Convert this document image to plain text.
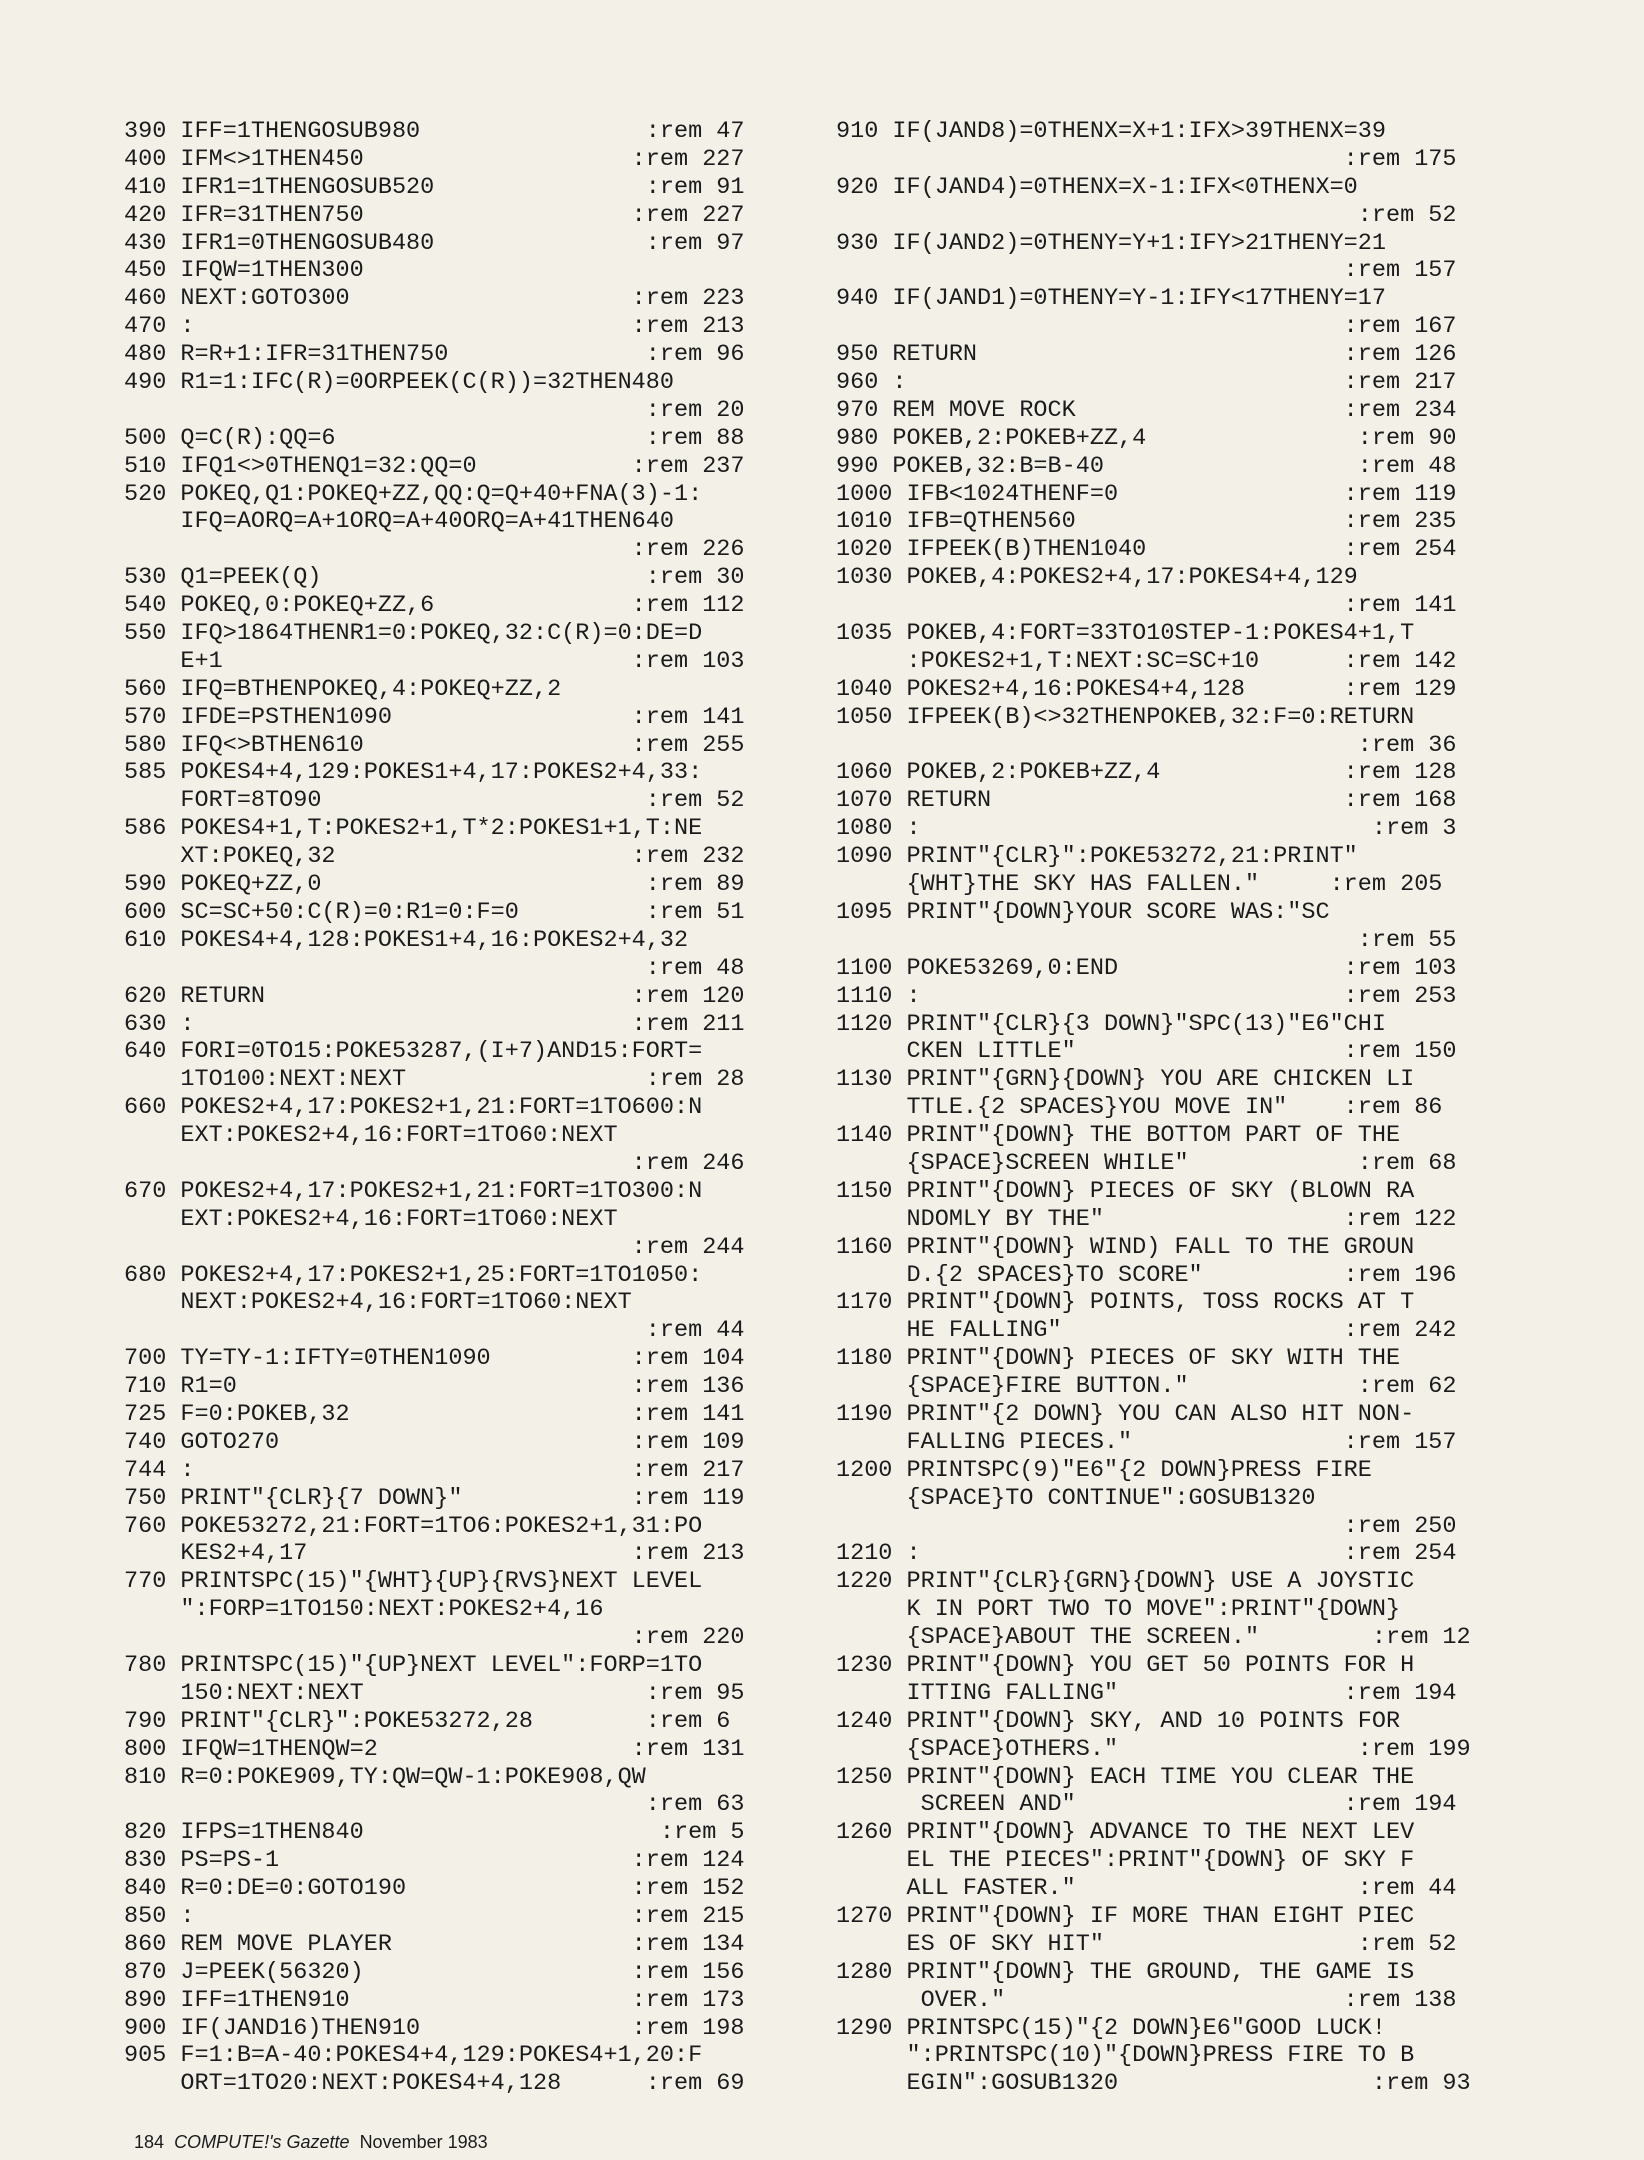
390 IFF=1THENGOSUB980                :rem 47
400 IFM<>1THEN450                   :rem 227
410 IFR1=1THENGOSUB520               :rem 91
420 IFR=31THEN750                   :rem 227
430 IFR1=0THENGOSUB480               :rem 97
450 IFQW=1THEN300
460 NEXT:GOTO300                    :rem 223
470 :                               :rem 213
480 R=R+1:IFR=31THEN750              :rem 96
490 R1=1:IFC(R)=0ORPEEK(C(R))=32THEN480
:rem 20
500 Q=C(R):QQ=6                      :rem 88
510 IFQ1<>0THENQ1=32:QQ=0           :rem 237
520 POKEQ,Q1:POKEQ+ZZ,QQ:Q=Q+40+FNA(3)-1:
IFQ=AORQ=A+1ORQ=A+40ORQ=A+41THEN640
:rem 226
530 Q1=PEEK(Q)                       :rem 30
540 POKEQ,0:POKEQ+ZZ,6              :rem 112
550 IFQ>1864THENR1=0:POKEQ,32:C(R)=0:DE=D
E+1                             :rem 103
560 IFQ=BTHENPOKEQ,4:POKEQ+ZZ,2
570 IFDE=PSTHEN1090                 :rem 141
580 IFQ<>BTHEN610                   :rem 255
585 POKES4+4,129:POKES1+4,17:POKES2+4,33:
FORT=8TO90                       :rem 52
586 POKES4+1,T:POKES2+1,T*2:POKES1+1,T:NE
XT:POKEQ,32                     :rem 232
590 POKEQ+ZZ,0                       :rem 89
600 SC=SC+50:C(R)=0:R1=0:F=0         :rem 51
610 POKES4+4,128:POKES1+4,16:POKES2+4,32
:rem 48
620 RETURN                          :rem 120
630 :                               :rem 211
640 FORI=0TO15:POKE53287,(I+7)AND15:FORT=
1TO100:NEXT:NEXT                 :rem 28
660 POKES2+4,17:POKES2+1,21:FORT=1TO600:N
EXT:POKES2+4,16:FORT=1TO60:NEXT
:rem 246
670 POKES2+4,17:POKES2+1,21:FORT=1TO300:N
EXT:POKES2+4,16:FORT=1TO60:NEXT
:rem 244
680 POKES2+4,17:POKES2+1,25:FORT=1TO1050:
NEXT:POKES2+4,16:FORT=1TO60:NEXT
:rem 44
700 TY=TY-1:IFTY=0THEN1090          :rem 104
710 R1=0                            :rem 136
725 F=0:POKEB,32                    :rem 141
740 GOTO270                         :rem 109
744 :                               :rem 217
750 PRINT"{CLR}{7 DOWN}"            :rem 119
760 POKE53272,21:FORT=1TO6:POKES2+1,31:PO
KES2+4,17                       :rem 213
770 PRINTSPC(15)"{WHT}{UP}{RVS}NEXT LEVEL
":FORP=1TO150:NEXT:POKES2+4,16
:rem 220
780 PRINTSPC(15)"{UP}NEXT LEVEL":FORP=1TO
150:NEXT:NEXT                    :rem 95
790 PRINT"{CLR}":POKE53272,28        :rem 6
800 IFQW=1THENQW=2                  :rem 131
810 R=0:POKE909,TY:QW=QW-1:POKE908,QW
:rem 63
820 IFPS=1THEN840                     :rem 5
830 PS=PS-1                         :rem 124
840 R=0:DE=0:GOTO190                :rem 152
850 :                               :rem 215
860 REM MOVE PLAYER                 :rem 134
870 J=PEEK(56320)                   :rem 156
890 IFF=1THEN910                    :rem 173
900 IF(JAND16)THEN910               :rem 198
905 F=1:B=A-40:POKES4+4,129:POKES4+1,20:F
ORT=1TO20:NEXT:POKES4+4,128      :rem 69
910 IF(JAND8)=0THENX=X+1:IFX>39THENX=39
:rem 175
920 IF(JAND4)=0THENX=X-1:IFX<0THENX=0
:rem 52
930 IF(JAND2)=0THENY=Y+1:IFY>21THENY=21
:rem 157
940 IF(JAND1)=0THENY=Y-1:IFY<17THENY=17
:rem 167
950 RETURN                          :rem 126
960 :                               :rem 217
970 REM MOVE ROCK                   :rem 234
980 POKEB,2:POKEB+ZZ,4               :rem 90
990 POKEB,32:B=B-40                  :rem 48
1000 IFB<1024THENF=0                :rem 119
1010 IFB=QTHEN560                   :rem 235
1020 IFPEEK(B)THEN1040              :rem 254
1030 POKEB,4:POKES2+4,17:POKES4+4,129
:rem 141
1035 POKEB,4:FORT=33TO10STEP-1:POKES4+1,T
:POKES2+1,T:NEXT:SC=SC+10      :rem 142
1040 POKES2+4,16:POKES4+4,128       :rem 129
1050 IFPEEK(B)<>32THENPOKEB,32:F=0:RETURN
:rem 36
1060 POKEB,2:POKEB+ZZ,4             :rem 128
1070 RETURN                         :rem 168
1080 :                                :rem 3
1090 PRINT"{CLR}":POKE53272,21:PRINT"
{WHT}THE SKY HAS FALLEN."     :rem 205
1095 PRINT"{DOWN}YOUR SCORE WAS:"SC
:rem 55
1100 POKE53269,0:END                :rem 103
1110 :                              :rem 253
1120 PRINT"{CLR}{3 DOWN}"SPC(13)"E6″CHI
CKEN LITTLE"                   :rem 150
1130 PRINT"{GRN}{DOWN} YOU ARE CHICKEN LI
TTLE.{2 SPACES}YOU MOVE IN"    :rem 86
1140 PRINT"{DOWN} THE BOTTOM PART OF THE
{SPACE}SCREEN WHILE"            :rem 68
1150 PRINT"{DOWN} PIECES OF SKY (BLOWN RA
NDOMLY BY THE"                 :rem 122
1160 PRINT"{DOWN} WIND) FALL TO THE GROUN
D.{2 SPACES}TO SCORE"          :rem 196
1170 PRINT"{DOWN} POINTS, TOSS ROCKS AT T
HE FALLING"                    :rem 242
1180 PRINT"{DOWN} PIECES OF SKY WITH THE
{SPACE}FIRE BUTTON."            :rem 62
1190 PRINT"{2 DOWN} YOU CAN ALSO HIT NON-
FALLING PIECES."               :rem 157
1200 PRINTSPC(9)"E6″{2 DOWN}PRESS FIRE
{SPACE}TO CONTINUE":GOSUB1320
:rem 250
1210 :                              :rem 254
1220 PRINT"{CLR}{GRN}{DOWN} USE A JOYSTIC
K IN PORT TWO TO MOVE":PRINT"{DOWN}
{SPACE}ABOUT THE SCREEN."        :rem 12
1230 PRINT"{DOWN} YOU GET 50 POINTS FOR H
ITTING FALLING"                :rem 194
1240 PRINT"{DOWN} SKY, AND 10 POINTS FOR
{SPACE}OTHERS."                 :rem 199
1250 PRINT"{DOWN} EACH TIME YOU CLEAR THE
SCREEN AND"                   :rem 194
1260 PRINT"{DOWN} ADVANCE TO THE NEXT LEV
EL THE PIECES":PRINT"{DOWN} OF SKY F
ALL FASTER."                    :rem 44
1270 PRINT"{DOWN} IF MORE THAN EIGHT PIEC
ES OF SKY HIT"                  :rem 52
1280 PRINT"{DOWN} THE GROUND, THE GAME IS
OVER."                        :rem 138
1290 PRINTSPC(15)"{2 DOWN}E6″GOOD LUCK!
":PRINTSPC(10)"{DOWN}PRESS FIRE TO B
EGIN":GOSUB1320                  :rem 93
184 COMPUTE!'s Gazette November 1983
